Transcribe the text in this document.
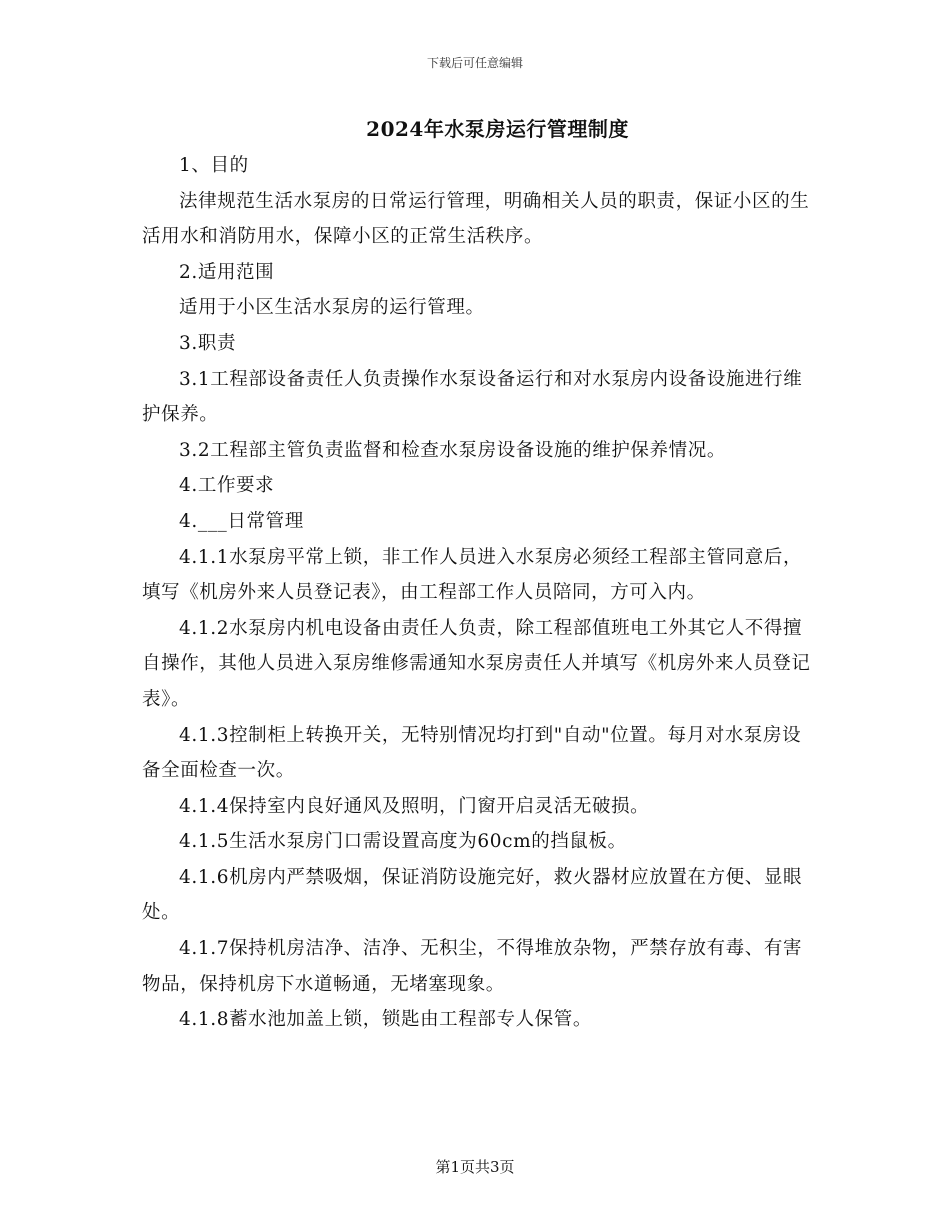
下载后可任意编辑
2024年水泵房运行管理制度

1、目的

法律规范生活水泵房的日常运行管理，明确相关人员的职责，保证小区的生活用水和消防用水，保障小区的正常生活秩序。

2.适用范围

适用于小区生活水泵房的运行管理。

3.职责

3.1工程部设备责任人负责操作水泵设备运行和对水泵房内设备设施进行维护保养。

3.2工程部主管负责监督和检查水泵房设备设施的维护保养情况。

4.工作要求

4.___日常管理

4.1.1水泵房平常上锁，非工作人员进入水泵房必须经工程部主管同意后，填写《机房外来人员登记表》，由工程部工作人员陪同，方可入内。

4.1.2水泵房内机电设备由责任人负责，除工程部值班电工外其它人不得擅自操作，其他人员进入泵房维修需通知水泵房责任人并填写《机房外来人员登记表》。

4.1.3控制柜上转换开关，无特别情况均打到"自动"位置。每月对水泵房设备全面检查一次。

4.1.4保持室内良好通风及照明，门窗开启灵活无破损。

4.1.5生活水泵房门口需设置高度为60cm的挡鼠板。

4.1.6机房内严禁吸烟，保证消防设施完好，救火器材应放置在方便、显眼处。

4.1.7保持机房洁净、洁净、无积尘，不得堆放杂物，严禁存放有毒、有害物品，保持机房下水道畅通，无堵塞现象。

4.1.8蓄水池加盖上锁，锁匙由工程部专人保管。

第1页共3页
